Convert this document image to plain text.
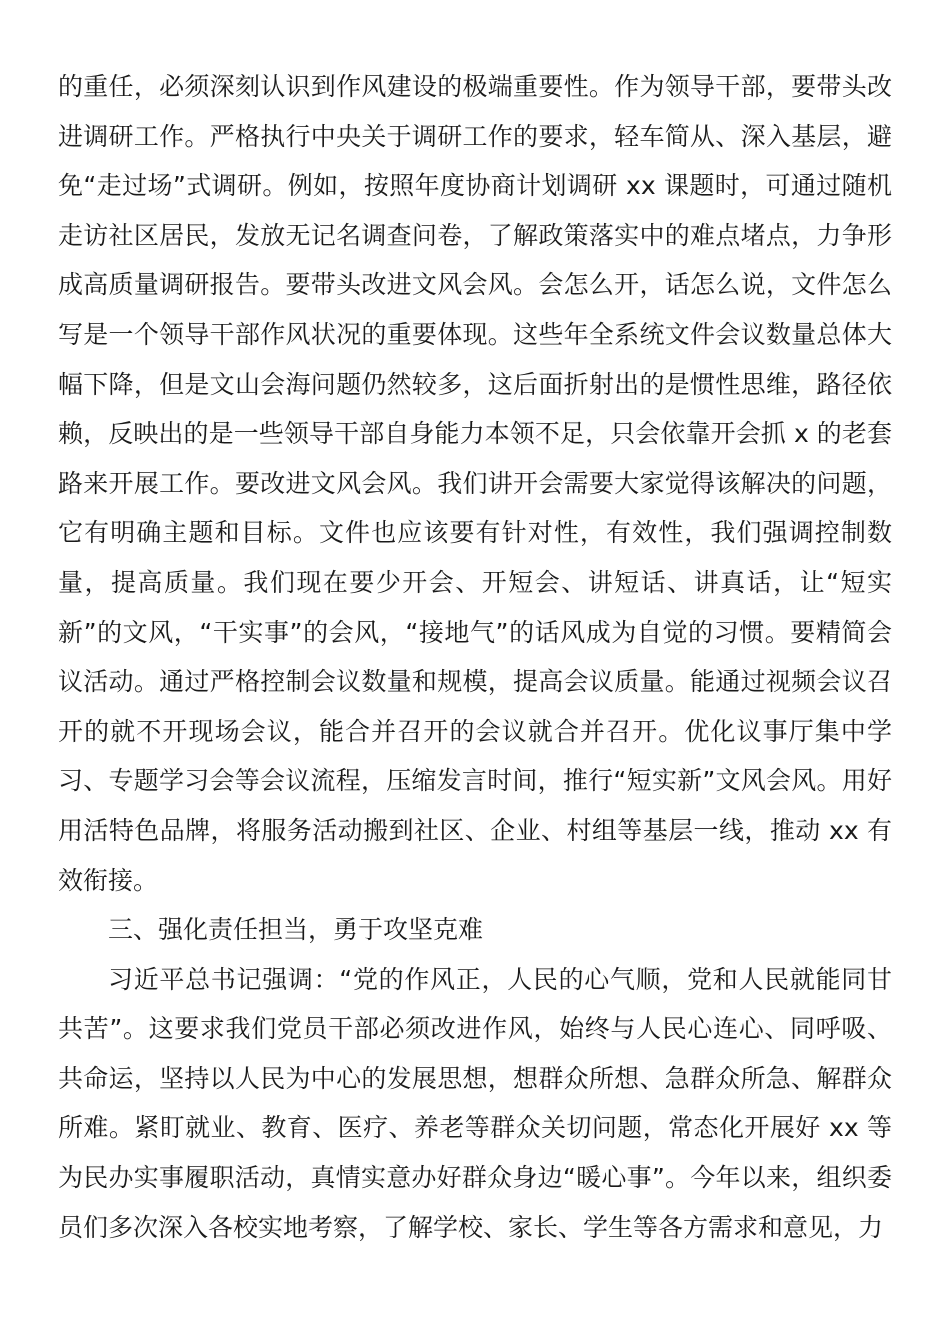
的重任，必须深刻认识到作风建设的极端重要性。作为领导干部，要带头改进调研工作。严格执行中央关于调研工作的要求，轻车简从、深入基层，避免“走过场”式调研。例如，按照年度协商计划调研 xx 课题时，可通过随机走访社区居民，发放无记名调查问卷，了解政策落实中的难点堵点，力争形成高质量调研报告。要带头改进文风会风。会怎么开，话怎么说，文件怎么写是一个领导干部作风状况的重要体现。这些年全系统文件会议数量总体大幅下降，但是文山会海问题仍然较多，这后面折射出的是惯性思维，路径依赖，反映出的是一些领导干部自身能力本领不足，只会依靠开会抓 x 的老套路来开展工作。要改进文风会风。我们讲开会需要大家觉得该解决的问题，它有明确主题和目标。文件也应该要有针对性，有效性，我们强调控制数量，提高质量。我们现在要少开会、开短会、讲短话、讲真话，让“短实新”的文风，“干实事”的会风，“接地气”的话风成为自觉的习惯。要精简会议活动。通过严格控制会议数量和规模，提高会议质量。能通过视频会议召开的就不开现场会议，能合并召开的会议就合并召开。优化议事厅集中学习、专题学习会等会议流程，压缩发言时间，推行“短实新”文风会风。用好用活特色品牌，将服务活动搬到社区、企业、村组等基层一线，推动 xx 有效衔接。

三、强化责任担当，勇于攻坚克难

习近平总书记强调：“党的作风正，人民的心气顺，党和人民就能同甘共苦”。这要求我们党员干部必须改进作风，始终与人民心连心、同呼吸、共命运，坚持以人民为中心的发展思想，想群众所想、急群众所急、解群众所难。紧盯就业、教育、医疗、养老等群众关切问题，常态化开展好 xx 等为民办实事履职活动，真情实意办好群众身边“暖心事”。今年以来，组织委员们多次深入各校实地考察，了解学校、家长、学生等各方需求和意见，力
